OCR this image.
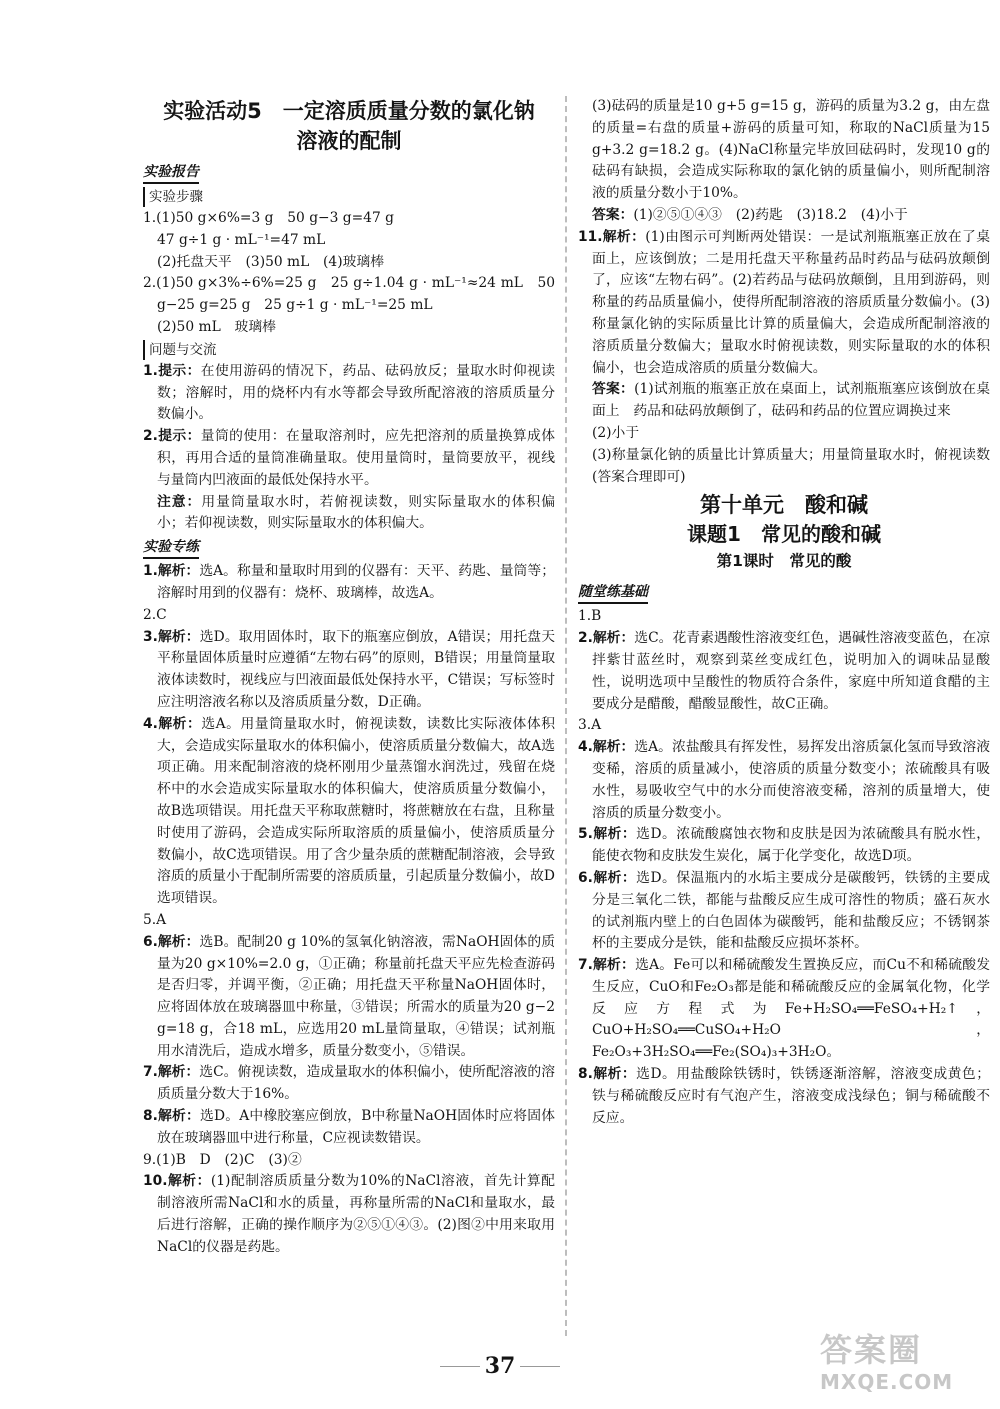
实验活动5　一定溶质质量分数的氯化钠
溶液的配制
实验报告
实验步骤

1.(1)50 g×6%=3 g　50 g−3 g=47 g

47 g÷1 g · mL⁻¹=47 mL

(2)托盘天平　(3)50 mL　(4)玻璃棒

2.(1)50 g×3%÷6%=25 g　25 g÷1.04 g · mL⁻¹≈24 mL　50 g−25 g=25 g　25 g÷1 g · mL⁻¹=25 mL

(2)50 mL　玻璃棒

问题与交流

1.提示：在使用游码的情况下，药品、砝码放反；量取水时仰视读数；溶解时，用的烧杯内有水等都会导致所配溶液的溶质质量分数偏小。

2.提示：量筒的使用：在量取溶剂时，应先把溶剂的质量换算成体积，再用合适的量筒准确量取。使用量筒时，量筒要放平，视线与量筒内凹液面的最低处保持水平。

注意：用量筒量取水时，若俯视读数，则实际量取水的体积偏小；若仰视读数，则实际量取水的体积偏大。

实验专练

1.解析：选A。称量和量取时用到的仪器有：天平、药匙、量筒等；溶解时用到的仪器有：烧杯、玻璃棒，故选A。

2.C

3.解析：选D。取用固体时，取下的瓶塞应倒放，A错误；用托盘天平称量固体质量时应遵循“左物右码”的原则，B错误；用量筒量取液体读数时，视线应与凹液面最低处保持水平，C错误；写标签时应注明溶液名称以及溶质质量分数，D正确。

4.解析：选A。用量筒量取水时，俯视读数，读数比实际液体体积大，会造成实际量取水的体积偏小，使溶质质量分数偏大，故A选项正确。用来配制溶液的烧杯刚用少量蒸馏水润洗过，残留在烧杯中的水会造成实际量取水的体积偏大，使溶质质量分数偏小，故B选项错误。用托盘天平称取蔗糖时，将蔗糖放在右盘，且称量时使用了游码，会造成实际所取溶质的质量偏小，使溶质质量分数偏小，故C选项错误。用了含少量杂质的蔗糖配制溶液，会导致溶质的质量小于配制所需要的溶质质量，引起质量分数偏小，故D选项错误。

5.A

6.解析：选B。配制20 g 10%的氢氧化钠溶液，需NaOH固体的质量为20 g×10%=2.0 g，①正确；称量前托盘天平应先检查游码是否归零，并调平衡，②正确；用托盘天平称量NaOH固体时，应将固体放在玻璃器皿中称量，③错误；所需水的质量为20 g−2 g=18 g，合18 mL，应选用20 mL量筒量取，④错误；试剂瓶用水清洗后，造成水增多，质量分数变小，⑤错误。

7.解析：选C。俯视读数，造成量取水的体积偏小，使所配溶液的溶质质量分数大于16%。

8.解析：选D。A中橡胶塞应倒放，B中称量NaOH固体时应将固体放在玻璃器皿中进行称量，C应视读数错误。

9.(1)B　D　(2)C　(3)②

10.解析：(1)配制溶质质量分数为10%的NaCl溶液，首先计算配制溶液所需NaCl和水的质量，再称量所需的NaCl和量取水，最后进行溶解，正确的操作顺序为②⑤①④③。(2)图②中用来取用NaCl的仪器是药匙。

(3)砝码的质量是10 g+5 g=15 g，游码的质量为3.2 g，由左盘的质量=右盘的质量+游码的质量可知，称取的NaCl质量为15 g+3.2 g=18.2 g。(4)NaCl称量完毕放回砝码时，发现10 g的砝码有缺损，会造成实际称取的氯化钠的质量偏小，则所配制溶液的质量分数小于10%。

答案：(1)②⑤①④③　(2)药匙　(3)18.2　(4)小于

11.解析：(1)由图示可判断两处错误：一是试剂瓶瓶塞正放在了桌面上，应该倒放；二是用托盘天平称量药品时药品与砝码放颠倒了，应该“左物右码”。(2)若药品与砝码放颠倒，且用到游码，则称量的药品质量偏小，使得所配制溶液的溶质质量分数偏小。(3)称量氯化钠的实际质量比计算的质量偏大，会造成所配制溶液的溶质质量分数偏大；量取水时俯视读数，则实际量取的水的体积偏小，也会造成溶质的质量分数偏大。

答案：(1)试剂瓶的瓶塞正放在桌面上，试剂瓶瓶塞应该倒放在桌面上　药品和砝码放颠倒了，砝码和药品的位置应调换过来

(2)小于

(3)称量氯化钠的质量比计算质量大；用量筒量取水时，俯视读数(答案合理即可)

第十单元　酸和碱
课题1　常见的酸和碱
第1课时　常见的酸
随堂练基础

1.B

2.解析：选C。花青素遇酸性溶液变红色，遇碱性溶液变蓝色，在凉拌紫甘蓝丝时，观察到菜丝变成红色，说明加入的调味品显酸性，说明选项中呈酸性的物质符合条件，家庭中所知道食醋的主要成分是醋酸，醋酸显酸性，故C正确。

3.A

4.解析：选A。浓盐酸具有挥发性，易挥发出溶质氯化氢而导致溶液变稀，溶质的质量减小，使溶质的质量分数变小；浓硫酸具有吸水性，易吸收空气中的水分而使溶液变稀，溶剂的质量增大，使溶质的质量分数变小。

5.解析：选D。浓硫酸腐蚀衣物和皮肤是因为浓硫酸具有脱水性，能使衣物和皮肤发生炭化，属于化学变化，故选D项。

6.解析：选D。保温瓶内的水垢主要成分是碳酸钙，铁锈的主要成分是三氧化二铁，都能与盐酸反应生成可溶性的物质；盛石灰水的试剂瓶内壁上的白色固体为碳酸钙，能和盐酸反应；不锈钢茶杯的主要成分是铁，能和盐酸反应损坏茶杯。

7.解析：选A。Fe可以和稀硫酸发生置换反应，而Cu不和稀硫酸发生反应，CuO和Fe₂O₃都是能和稀硫酸反应的金属氧化物，化学反应方程式为Fe+H₂SO₄══FeSO₄+H₂↑，CuO+H₂SO₄══CuSO₄+H₂O，Fe₂O₃+3H₂SO₄══Fe₂(SO₄)₃+3H₂O。

8.解析：选D。用盐酸除铁锈时，铁锈逐渐溶解，溶液变成黄色；铁与稀硫酸反应时有气泡产生，溶液变成浅绿色；铜与稀硫酸不反应。

37	答案圈
MXQE.COM
